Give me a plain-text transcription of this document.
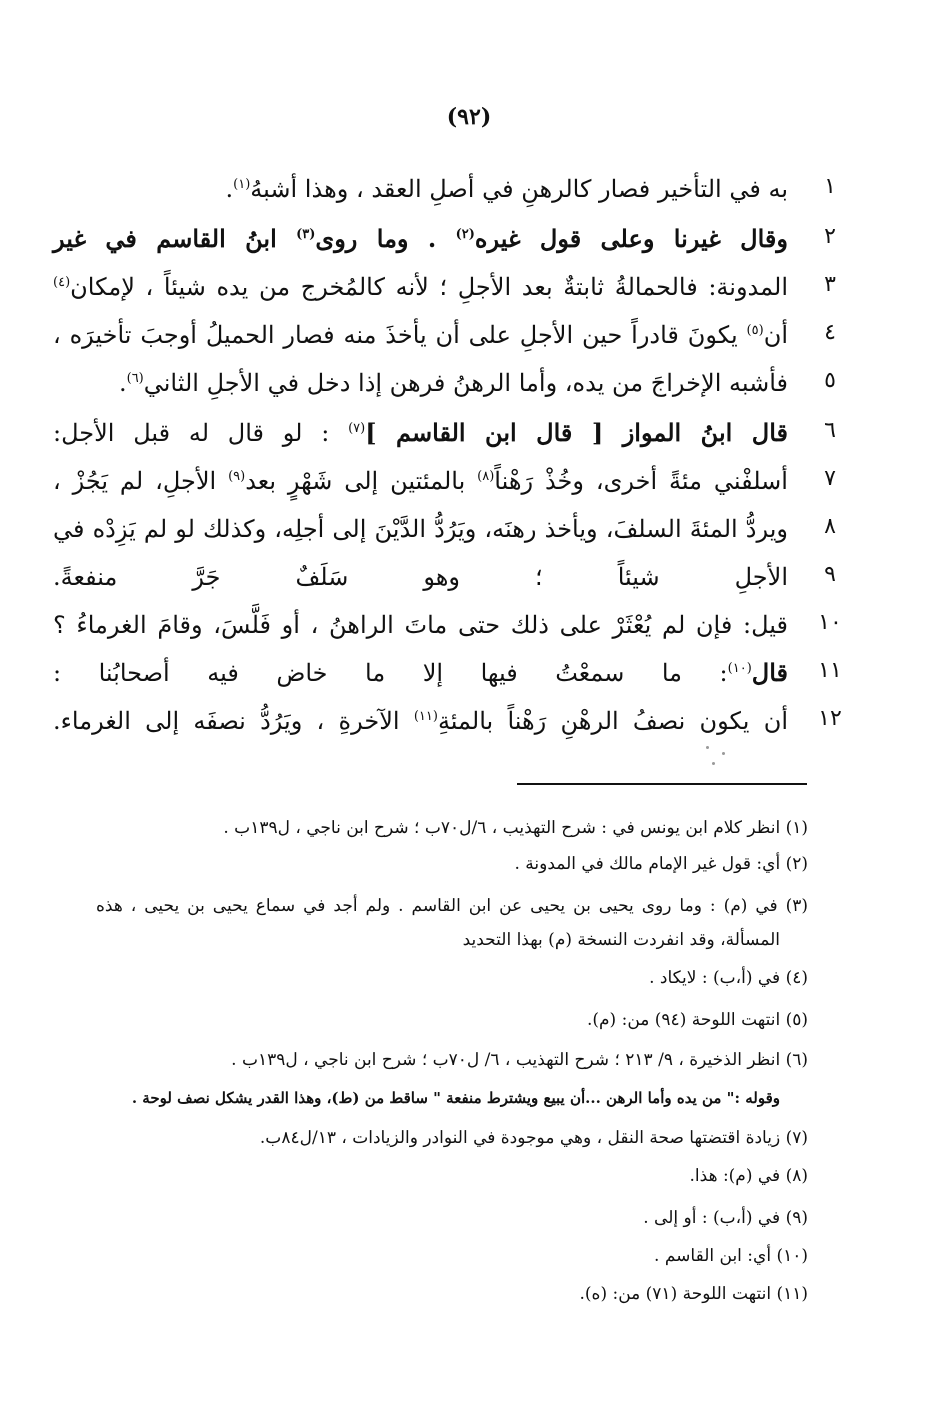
(٩٢)
١
به في التأخير فصار كالرهنِ في أصلِ العقد ، وهذا أشبهُ$^{(١)}$.
٢
وقال غيرنا وعلى قول غيره$^{(٢)}$ . وما روى$^{(٣)}$ ابنُ القاسم في غير
٣
المدونة: فالحمالةُ ثابتةٌ بعد الأجلِ ؛ لأنه كالمُخرج من يده شيئاً ، لإمكان$^{(٤)}$
٤
أن$^{(٥)}$ يكونَ قادراً حين الأجلِ على أن يأخذَ منه فصار الحميلُ أوجبَ تأخيرَه ،
٥
فأشبه الإخراجَ من يده، وأما الرهنُ فرهن إذا دخل في الأجلِ الثاني$^{(٦)}$.
٦
قال ابنُ المواز [ قال ابن القاسم ]$^{(٧)}$ : لو قال له قبل الأجل:
٧
أسلفْني مئةً أخرى، وخُذْ رَهْناً$^{(٨)}$ بالمئتين إلى شَهْرٍ بعد$^{(٩)}$ الأجلِ، لم يَجُزْ ،
٨
ويردُّ المئةَ السلفَ، ويأخذ رهنَه، ويَرُدُّ الدَّيْنَ إلى أجلِه، وكذلك لو لم يَزِدْه في
٩
الأجلِ شيئاً ؛ وهو سَلَفٌ جَرَّ منفعةً.
١٠
قيل: فإن لم يُعْثَرْ على ذلك حتى ماتَ الراهنُ ، أو فَلَّسَ، وقامَ الغرماءُ ؟
١١
قال$^{(١٠)}$: ما سمعْتُ فيها إلا ما خاض فيه أصحابُنا :
١٢
أن يكون نصفُ الرهْنِ رَهْناً بالمئةِ$^{(١١)}$ الآخرةِ ، ويَرُدُّ نصفَه إلى الغرماء.
(١) انظر كلام ابن يونس في : شرح التهذيب ، ٦/ل٧٠ب ؛ شرح ابن ناجي ، ل١٣٩ب .
(٢) أي: قول غير الإمام مالك في المدونة .
(٣) في (م) : وما روى يحيى بن يحيى عن ابن القاسم . ولم أجد في سماع يحيى بن يحيى ، هذه
المسألة، وقد انفردت النسخة (م) بهذا التحديد
(٤) في (أ،ب) : لايكاد .
(٥) انتهت اللوحة (٩٤) من: (م).
(٦) انظر الذخيرة ، ٩/ ٢١٣ ؛ شرح التهذيب ، ٦/ ل٧٠ب ؛ شرح ابن ناجي ، ل١٣٩ب .
وقوله :" من يده وأما الرهن ...أن يبيع ويشترط منفعة " ساقط من (ط)، وهذا القدر يشكل نصف لوحة .
(٧) زيادة اقتضتها صحة النقل ، وهي موجودة في النوادر والزيادات ، ١٣/ل٨٤ب.
(٨) في (م): هذا.
(٩) في (أ،ب) : أو إلى .
(١٠) أي: ابن القاسم .
(١١) انتهت اللوحة (٧١) من: (ه).
